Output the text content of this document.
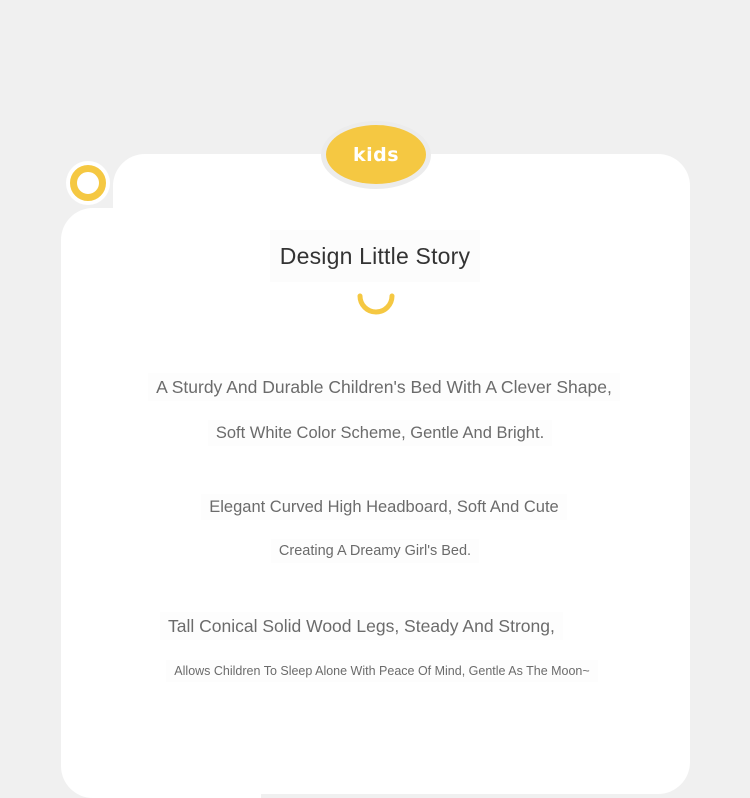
kids
Design Little Story
A Sturdy And Durable Children's Bed With A Clever Shape,
Soft White Color Scheme, Gentle And Bright.
Elegant Curved High Headboard, Soft And Cute
Creating A Dreamy Girl's Bed.
Tall Conical Solid Wood Legs, Steady And Strong,
Allows Children To Sleep Alone With Peace Of Mind, Gentle As The Moon~
